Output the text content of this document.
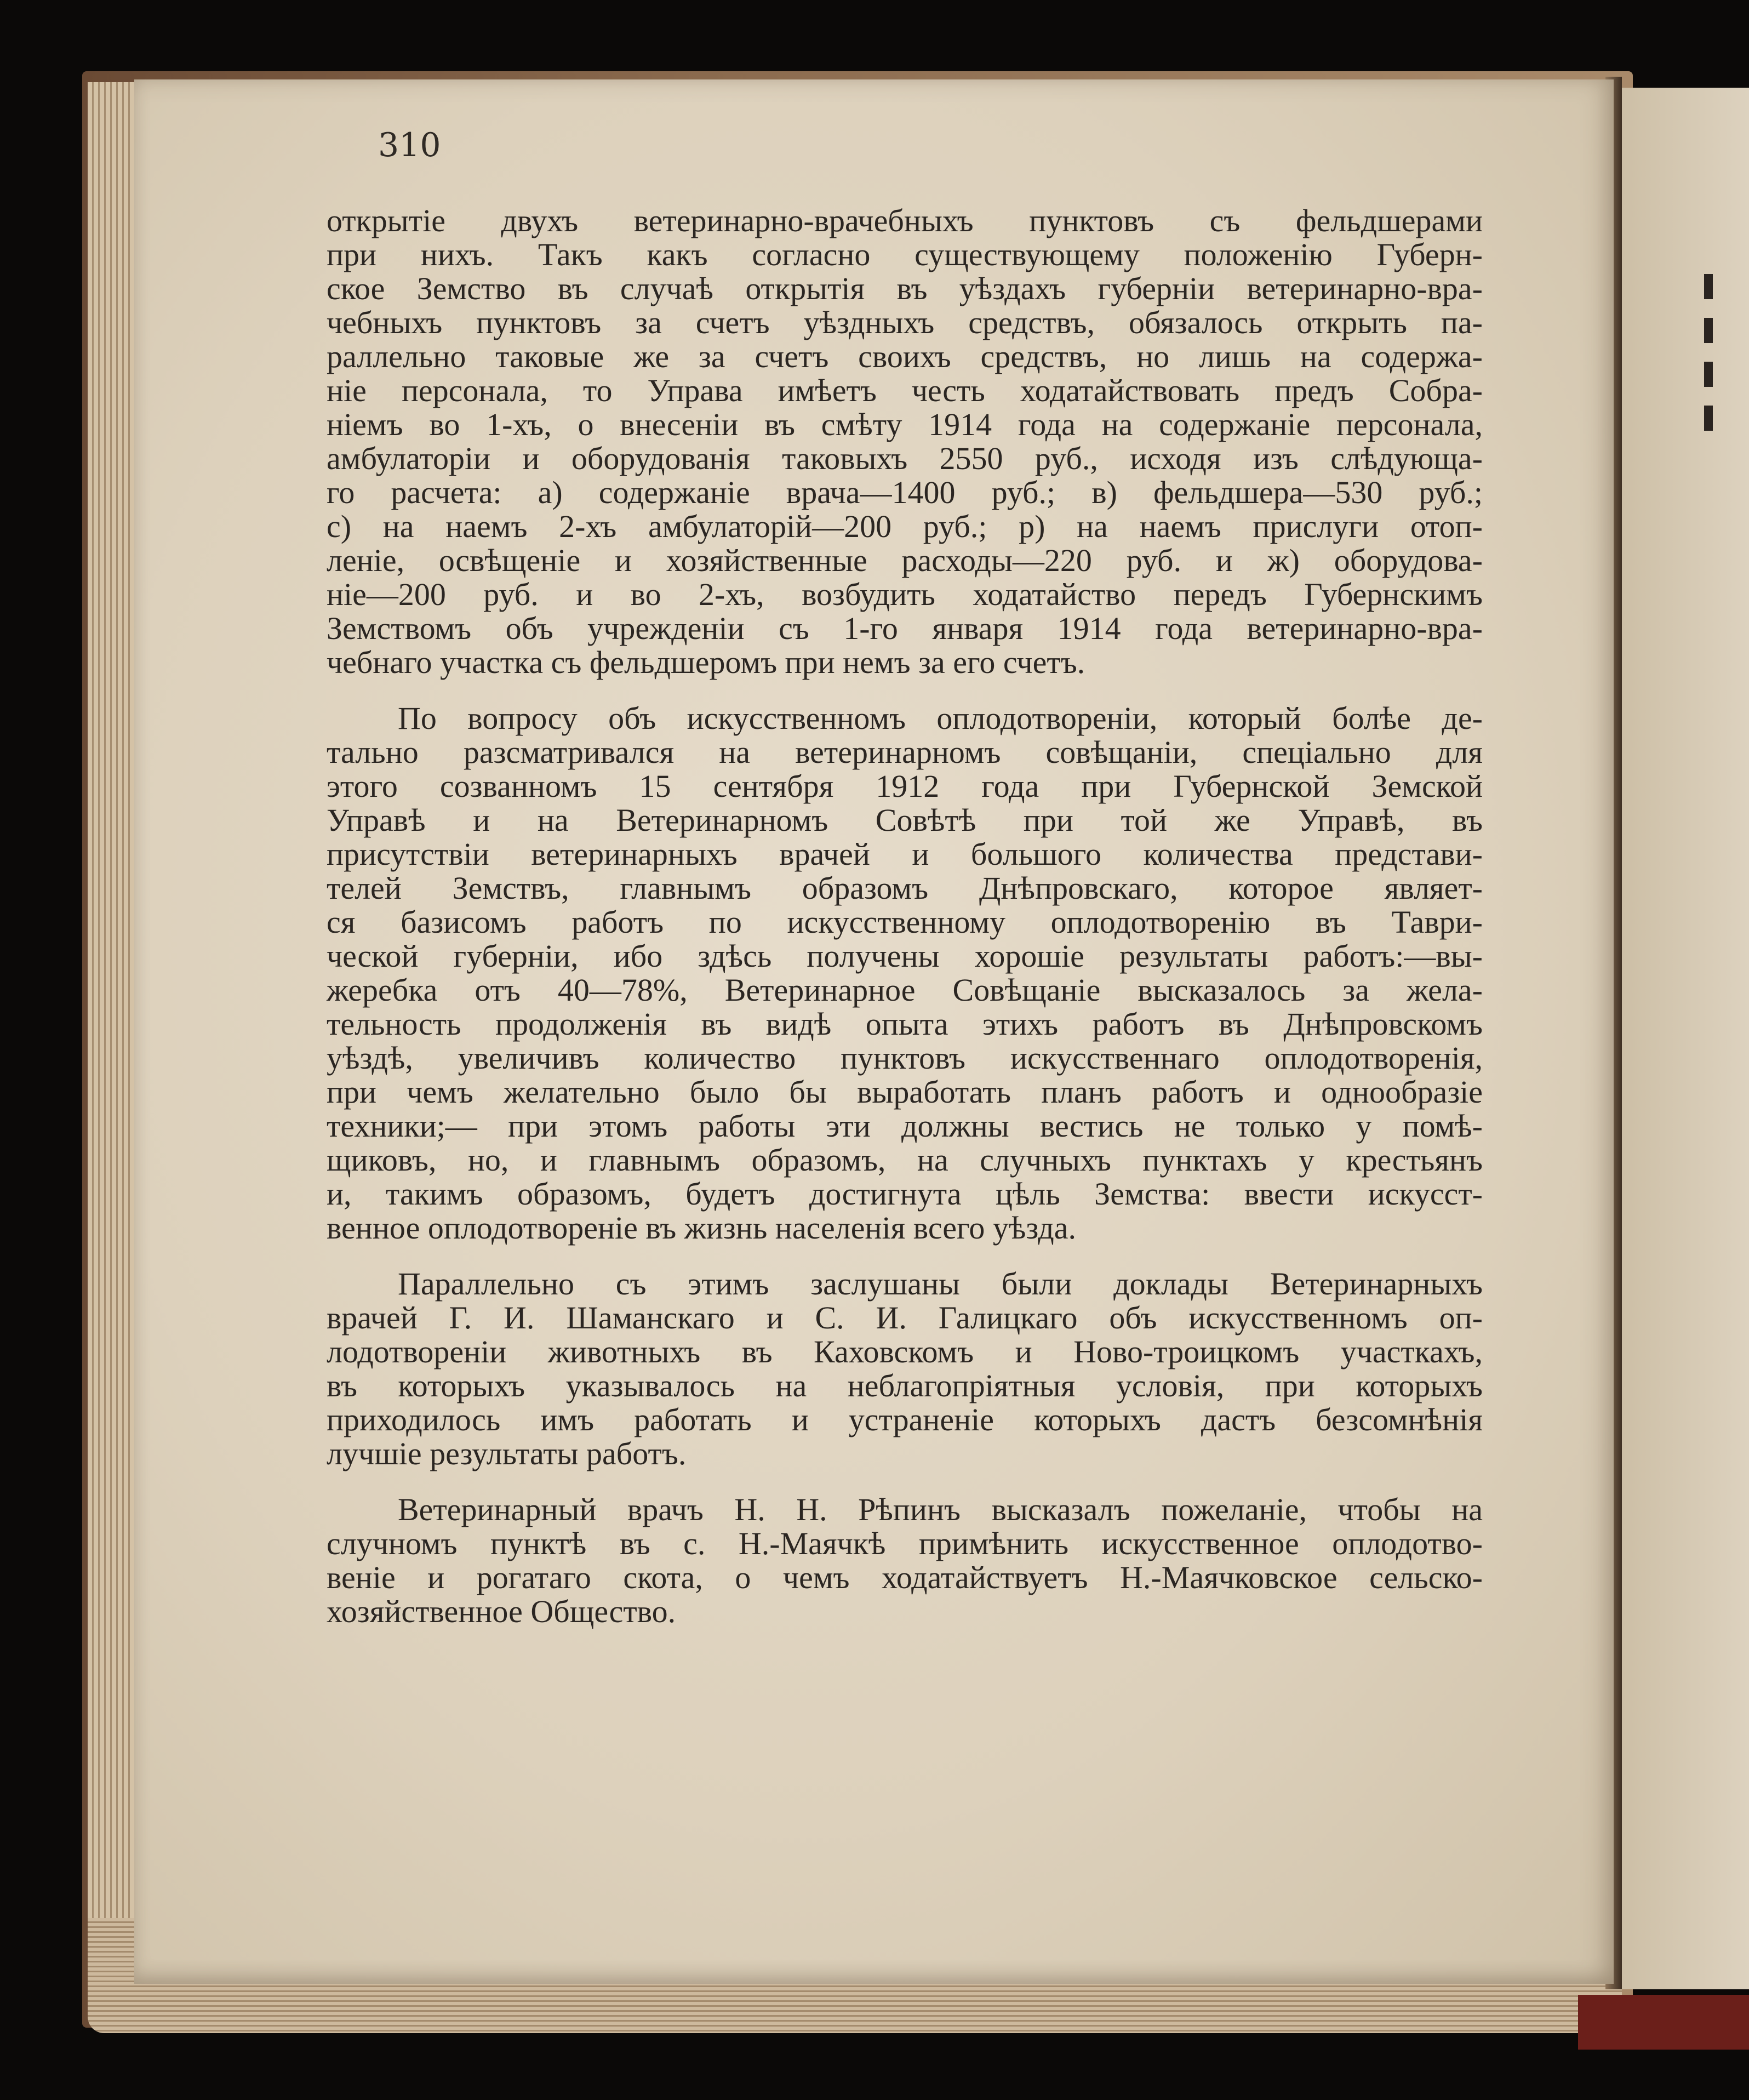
310
открытіе двухъ ветеринарно-врачебныхъ пунктовъ съ фельдшерами
при нихъ. Такъ какъ согласно существующему положенію Губерн-
ское Земство въ случаѣ открытія въ уѣздахъ губерніи ветеринарно-вра-
чебныхъ пунктовъ за счетъ уѣздныхъ средствъ, обязалось открыть па-
раллельно таковые же за счетъ своихъ средствъ, но лишь на содержа-
ніе персонала, то Управа имѣетъ честь ходатайствовать предъ Собра-
ніемъ во 1-хъ, о внесеніи въ смѣту 1914 года на содержаніе персонала,
амбулаторіи и оборудованія таковыхъ 2550 руб., исходя изъ слѣдующа-
го расчета: а) содержаніе врача—1400 руб.; в) фельдшера—530 руб.;
с) на наемъ 2-хъ амбулаторій—200 руб.; р) на наемъ прислуги отоп-
леніе, освѣщеніе и хозяйственные расходы—220 руб. и ж) оборудова-
ніе—200 руб. и во 2-хъ, возбудить ходатайство передъ Губернскимъ
Земствомъ объ учрежденіи съ 1-го января 1914 года ветеринарно-вра-
чебнаго участка съ фельдшеромъ при немъ за его счетъ.
По вопросу объ искусственномъ оплодотвореніи, который болѣе де-
тально разсматривался на ветеринарномъ совѣщаніи, спеціально для
этого созванномъ 15 сентября 1912 года при Губернской Земской
Управѣ и на Ветеринарномъ Совѣтѣ при той же Управѣ, въ
присутствіи ветеринарныхъ врачей и большого количества представи-
телей Земствъ, главнымъ образомъ Днѣпровскаго, которое являет-
ся базисомъ работъ по искусственному оплодотворенію въ Таври-
ческой губерніи, ибо здѣсь получены хорошіе результаты работъ:—вы-
жеребка отъ 40—78%, Ветеринарное Совѣщаніе высказалось за жела-
тельность продолженія въ видѣ опыта этихъ работъ въ Днѣпровскомъ
уѣздѣ, увеличивъ количество пунктовъ искусственнаго оплодотворенія,
при чемъ желательно было бы выработать планъ работъ и однообразіе
техники;— при этомъ работы эти должны вестись не только у помѣ-
щиковъ, но, и главнымъ образомъ, на случныхъ пунктахъ у крестьянъ
и, такимъ образомъ, будетъ достигнута цѣль Земства: ввести искусст-
венное оплодотвореніе въ жизнь населенія всего уѣзда.
Параллельно съ этимъ заслушаны были доклады Ветеринарныхъ
врачей Г. И. Шаманскаго и С. И. Галицкаго объ искусственномъ оп-
лодотвореніи животныхъ въ Каховскомъ и Ново-троицкомъ участкахъ,
въ которыхъ указывалось на неблагопріятныя условія, при которыхъ
приходилось имъ работать и устраненіе которыхъ дастъ безсомнѣнія
лучшіе результаты работъ.
Ветеринарный врачъ Н. Н. Рѣпинъ высказалъ пожеланіе, чтобы на
случномъ пунктѣ въ с. Н.-Маячкѣ примѣнить искусственное оплодотво-
веніе и рогатаго скота, о чемъ ходатайствуетъ Н.-Маячковское сельско-
хозяйственное Общество.
